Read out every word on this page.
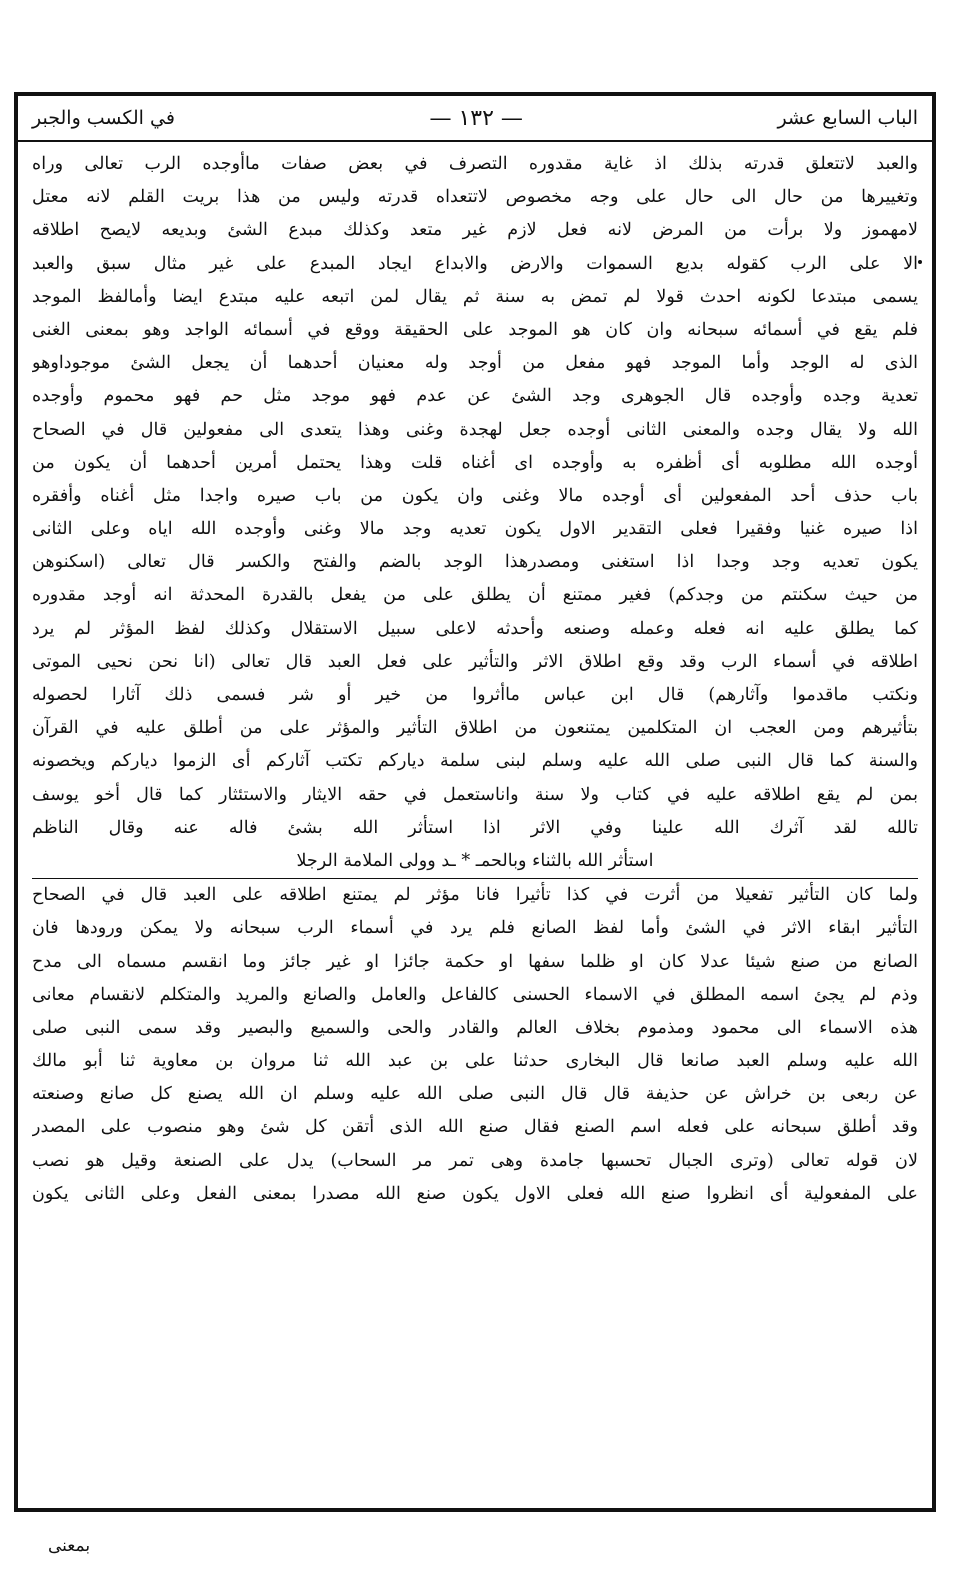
الباب السابع عشر
— ١٣٢ —
في الكسب والجبر
والعبد لاتتعلق قدرته بذلك اذ غاية مقدوره التصرف في بعض صفات ماأوجده الرب تعالى وراه
وتغييرها من حال الى حال على وجه مخصوص لاتتعداه قدرته وليس من هذا بريت القلم لانه معتل
لامهموز ولا برأت من المرض لانه فعل لازم غير متعد وكذلك مبدع الشئ وبديعه لايصح اطلاقه
الا على الرب كقوله بديع السموات والارض والابداع ايجاد المبدع على غير مثال سبق والعبد
يسمى مبتدعا لكونه احدث قولا لم تمض به سنة ثم يقال لمن اتبعه عليه مبتدع ايضا وأمالفظ الموجد
فلم يقع في أسمائه سبحانه وان كان هو الموجد على الحقيقة ووقع في أسمائه الواجد وهو بمعنى الغنى
الذى له الوجد وأما الموجد فهو مفعل من أوجد وله معنيان أحدهما أن يجعل الشئ موجوداوهو
تعدية وجده وأوجده قال الجوهرى وجد الشئ عن عدم فهو موجد مثل حم فهو محموم وأوجده
الله ولا يقال وجده والمعنى الثانى أوجده جعل لهجدة وغنى وهذا يتعدى الى مفعولين قال في الصحاح
أوجده الله مطلوبه أى أظفره به وأوجده اى أغناه قلت وهذا يحتمل أمرين أحدهما أن يكون من
باب حذف أحد المفعولين أى أوجده مالا وغنى وان يكون من باب صيره واجدا مثل أغناه وأفقره
اذا صيره غنيا وفقيرا فعلى التقدير الاول يكون تعديه وجد مالا وغنى وأوجده الله اياه وعلى الثانى
يكون تعديه وجد وجدا اذا استغنى ومصدرهذا الوجد بالضم والفتح والكسر قال تعالى (اسكنوهن
من حيث سكنتم من وجدكم) فغير ممتنع أن يطلق على من يفعل بالقدرة المحدثة انه أوجد مقدوره
كما يطلق عليه انه فعله وعمله وصنعه وأحدثه لاعلى سبيل الاستقلال وكذلك لفظ المؤثر لم يرد
اطلاقه في أسماء الرب وقد وقع اطلاق الاثر والتأثير على فعل العبد قال تعالى (انا نحن نحيى الموتى
ونكتب ماقدموا وآثارهم) قال ابن عباس ماأثروا من خير أو شر فسمى ذلك آثارا لحصوله
بتأثيرهم ومن العجب ان المتكلمين يمتنعون من اطلاق التأثير والمؤثر على من أطلق عليه في القرآن
والسنة كما قال النبى صلى الله عليه وسلم لبنى سلمة دياركم تكتب آثاركم أى الزموا دياركم ويخصونه
بمن لم يقع اطلاقه عليه في كتاب ولا سنة واناستعمل في حقه الايثار والاستئثار كما قال أخو يوسف
تالله لقد آثرك الله علينا وفي الاثر اذا استأثر الله بشئ فاله عنه وقال الناظم
استأثر الله بالثناء وبالحمـ * ـد وولى الملامة الرجلا
ولما كان التأثير تفعيلا من أثرت في كذا تأثيرا فانا مؤثر لم يمتنع اطلاقه على العبد قال في الصحاح
التأثير ابقاء الاثر في الشئ وأما لفظ الصانع فلم يرد في أسماء الرب سبحانه ولا يمكن ورودها فان
الصانع من صنع شيئا عدلا كان او ظلما سفها او حكمة جائزا او غير جائز وما انقسم مسماه الى مدح
وذم لم يجئ اسمه المطلق في الاسماء الحسنى كالفاعل والعامل والصانع والمريد والمتكلم لانقسام معانى
هذه الاسماء الى محمود ومذموم بخلاف العالم والقادر والحى والسميع والبصير وقد سمى النبى صلى
الله عليه وسلم العبد صانعا قال البخارى حدثنا على بن عبد الله ثنا مروان بن معاوية ثنا أبو مالك
عن ربعى بن خراش عن حذيفة قال قال النبى صلى الله عليه وسلم ان الله يصنع كل صانع وصنعته
وقد أطلق سبحانه على فعله اسم الصنع فقال صنع الله الذى أتقن كل شئ وهو منصوب على المصدر
لان قوله تعالى (وترى الجبال تحسبها جامدة وهى تمر مر السحاب) يدل على الصنعة وقيل هو نصب
على المفعولية أى انظروا صنع الله فعلى الاول يكون صنع الله مصدرا بمعنى الفعل وعلى الثانى يكون
بمعنى
